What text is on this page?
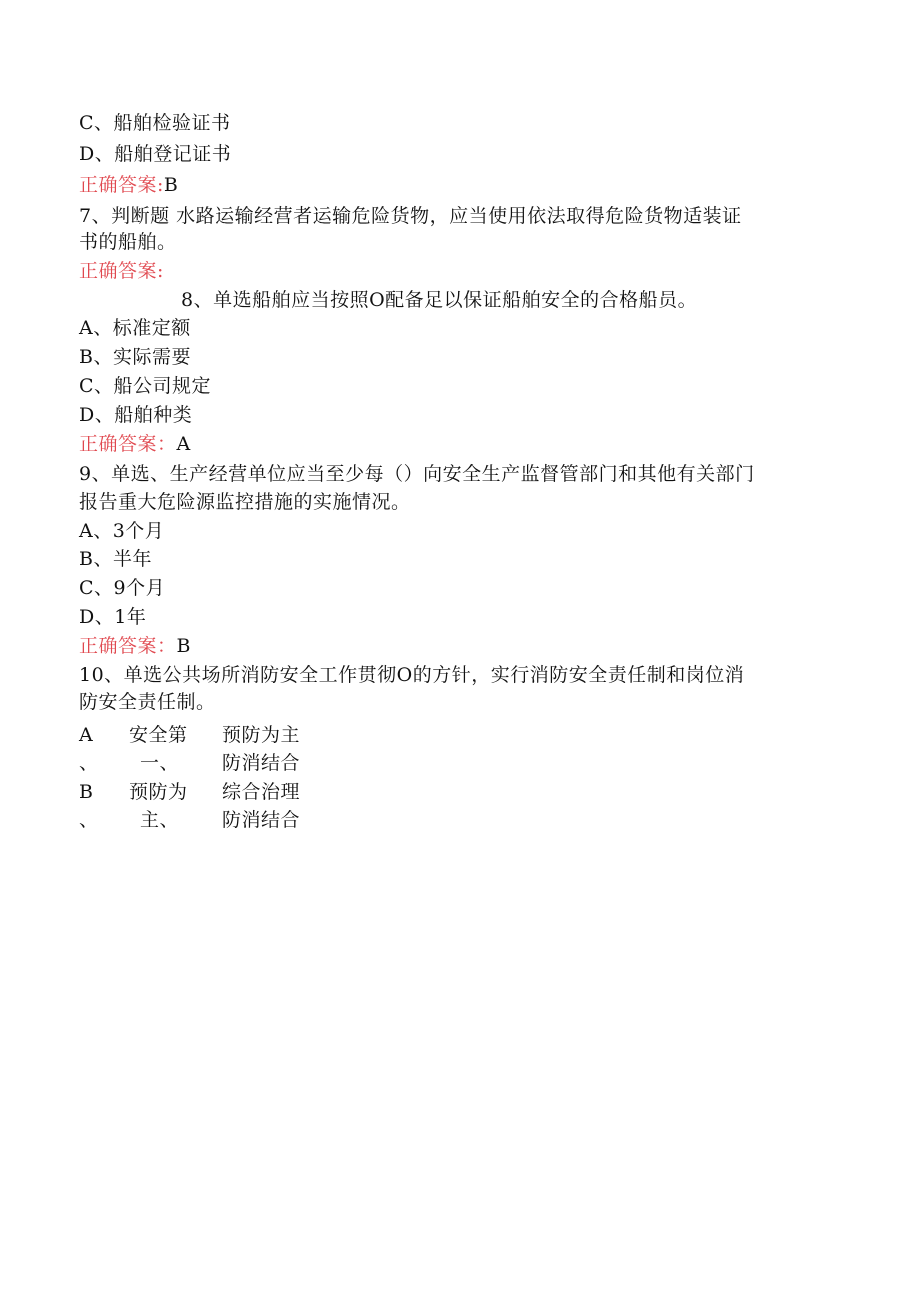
C、船舶检验证书
D、船舶登记证书
正确答案:B
7、判断题 水路运输经营者运输危险货物，应当使用依法取得危险货物适装证
书的船舶。
正确答案:
8、单选船舶应当按照O配备足以保证船舶安全的合格船员。
A、标准定额
B、实际需要
C、船公司规定
D、船舶种类
正确答案：A
9、单选、生产经营单位应当至少每（）向安全生产监督管部门和其他有关部门
报告重大危险源监控措施的实施情况。
A、3个月
B、半年
C、9个月
D、1年
正确答案：B
10、单选公共场所消防安全工作贯彻O的方针，实行消防安全责任制和岗位消
防安全责任制。
A 安全第 预防为主
、 一、 防消结合
B 预防为 综合治理
、 主、 防消结合
